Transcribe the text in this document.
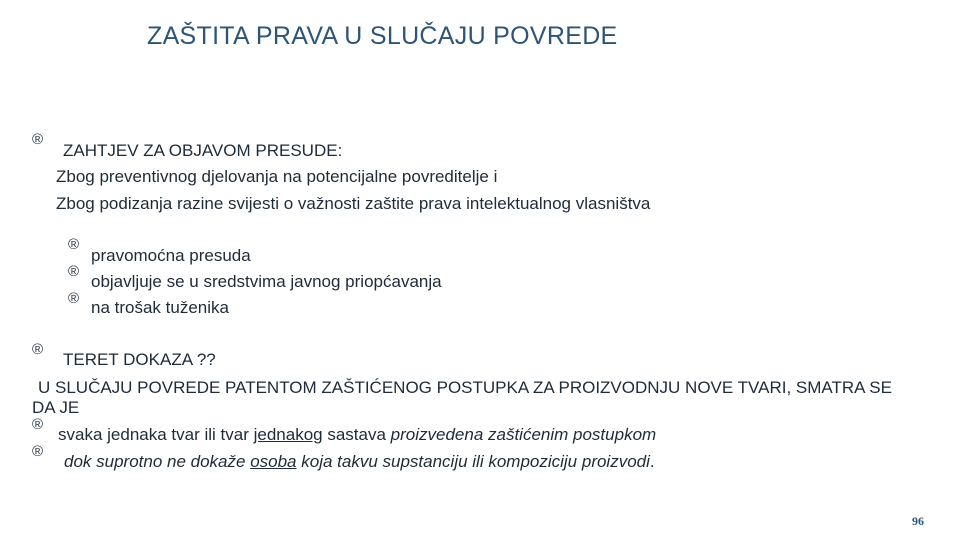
ZAŠTITA PRAVA U SLUČAJU POVREDE
®
ZAHTJEV ZA OBJAVOM PRESUDE:
Zbog preventivnog djelovanja na potencijalne povreditelje i
Zbog podizanja razine svijesti o važnosti zaštite prava intelektualnog vlasništva
®
pravomoćna presuda
®
objavljuje se u sredstvima javnog priopćavanja
® na trošak tuženika
®
TERET DOKAZA ??
U SLUČAJU POVREDE PATENTOM ZAŠTIĆENOG POSTUPKA ZA PROIZVODNJU NOVE TVARI, SMATRA SE
DA JE
®
svaka jednaka tvar ili tvar jednakog sastava proizvedena zaštićenim postupkom
®
dok suprotno ne dokaže osoba koja takvu supstanciju ili kompoziciju proizvodi.
96
